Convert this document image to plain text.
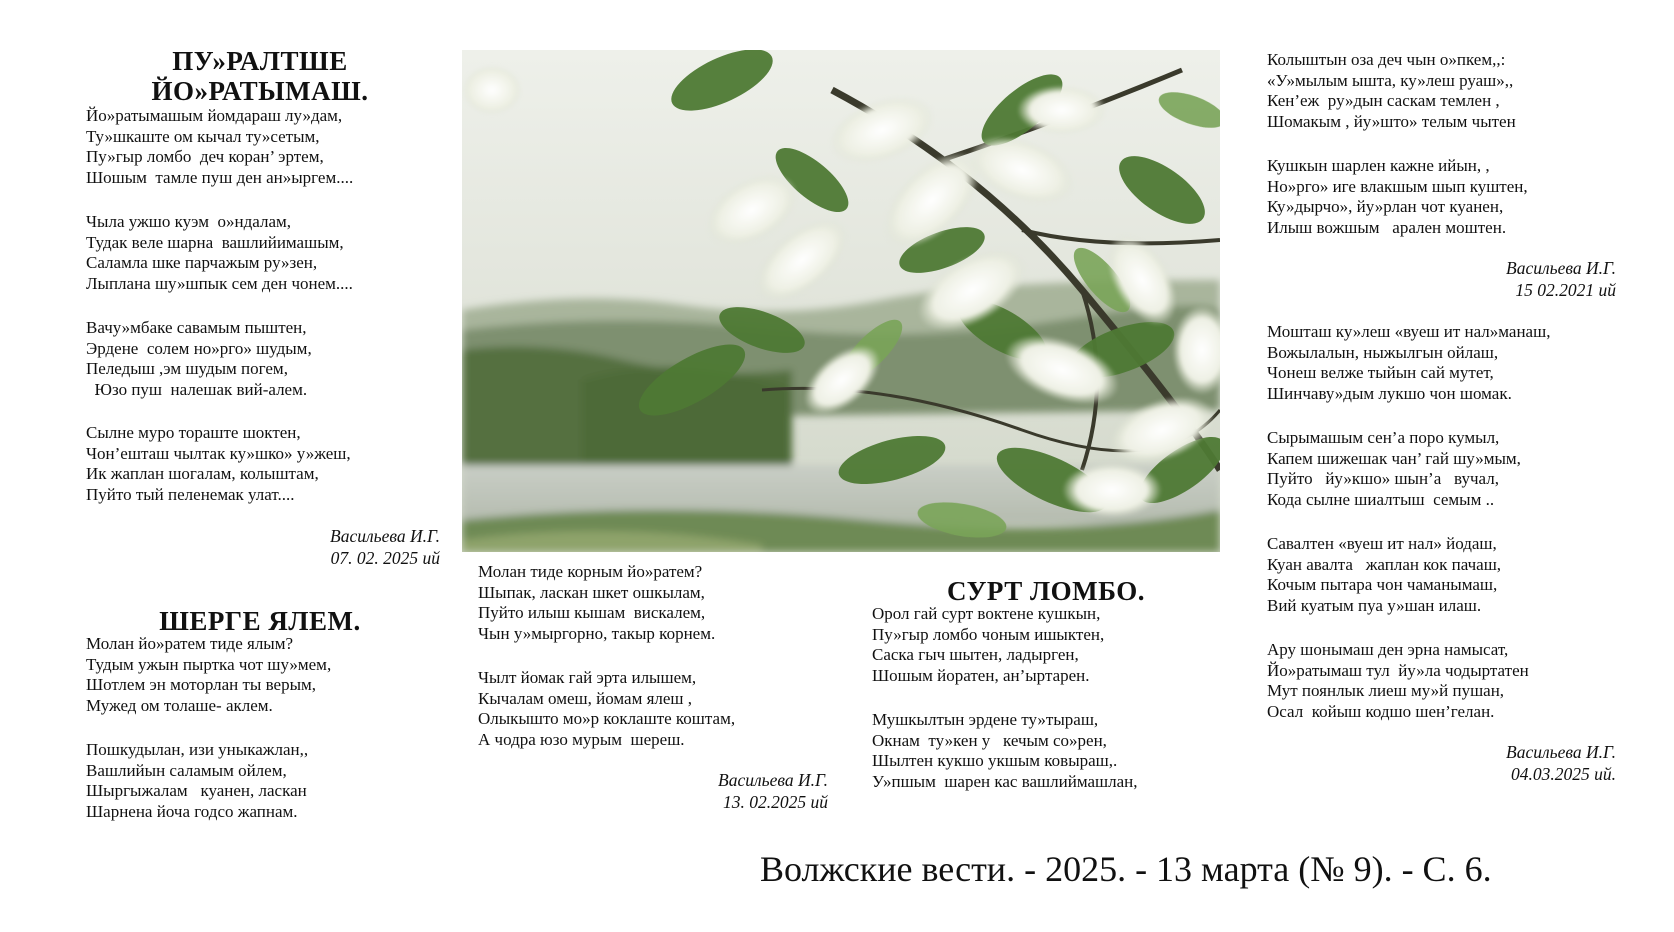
ПУ»РАЛТШЕ ЙО»РАТЫМАШ.
Йо»ратымашым йомдараш лу»дам,
Ту»шкаште ом кычал ту»сетым,
Пу»гыр ломбо  деч коран’ эртем,
Шошым  тамле пуш ден ан»ыргем....
Чыла ужшо куэм  о»ндалам,
Тудак веле шарна  вашлийимашым,
Саламла шке парчажым ру»зен,
Лыплана шу»шпык сем ден чонем....
Вачу»мбаке савамым пыштен,
Эрдене  солем но»рго» шудым,
Пеледыш ,эм шудым погем,
Юзо пуш  налешак вий-алем.
Сылне муро тораште шоктен,
Чон’ешташ чылтак ку»шко» у»жеш,
Ик жаплан шогалам, колыштам,
Пуйто тый пеленемак улат....
Васильева И.Г.
07. 02. 2025 ий
ШЕРГЕ ЯЛЕМ.
Молан йо»ратем тиде ялым?
Тудым ужын пыртка чот шу»мем,
Шотлем эн моторлан ты верым,
Мужед ом толаше- аклем.
Пошкудылан, изи уныкажлан,,
Вашлийын саламым ойлем,
Шыргыжалам   куанен, ласкан
Шарнена йоча годсо жапнам.
Молан тиде корным йо»ратем?
Шыпак, ласкан шкет ошкылам,
Пуйто илыш кышам  вискалем,
Чын у»мыргорно, такыр корнем.
Чылт йомак гай эрта илышем,
Кычалам омеш, йомам ялеш ,
Олыкышто мо»р коклаште коштам,
А чодра юзо мурым  шереш.
Васильева И.Г.
13. 02.2025 ий
СУРТ ЛОМБО.
Орол гай сурт воктене кушкын,
Пу»гыр ломбо чоным ишыктен,
Саска гыч шытен, ладырген,
Шошым йоратен, ан’ыртарен.
Мушкылтын эрдене ту»тыраш,
Окнам  ту»кен у   кечым со»рен,
Шылтен кукшо укшым ковыраш,.
У»пшым  шарен кас вашлиймашлан,
Колыштын оза деч чын о»пкем,,:
«У»мылым ышта, ку»леш руаш»,,
Кен’еж  ру»дын саскам темлен ,
Шомакым , йу»што» телым чытен
Кушкын шарлен кажне ийын, ,
Но»рго» иге влакшым шып куштен,
Ку»дырчо», йу»рлан чот куанен,
Илыш вожшым   арален моштен.
Васильева И.Г.
15 02.2021 ий
Мошташ ку»леш «вуеш ит нал»манаш,
Вожылалын, ныжылгын ойлаш,
Чонеш велже тыйын сай мутет,
Шинчаву»дым лукшо чон шомак.
Сырымашым сен’а поро кумыл,
Капем шижешак чан’ гай шу»мым,
Пуйто   йу»кшо» шын’а   вучал,
Кода сылне шиалтыш  семым ..
Савалтен «вуеш ит нал» йодаш,
Куан авалта   жаплан кок пачаш,
Кочым пытара чон чаманымаш,
Вий куатым пуа у»шан илаш.
Ару шонымаш ден эрна намысат,
Йо»ратымаш тул  йу»ла чодыртатен
Мут поянлык лиеш му»й пушан,
Осал  койыш кодшо шен’гелан.
Васильева И.Г.
04.03.2025 ий.
Волжские вести. - 2025. - 13 марта (№ 9). - С. 6.
